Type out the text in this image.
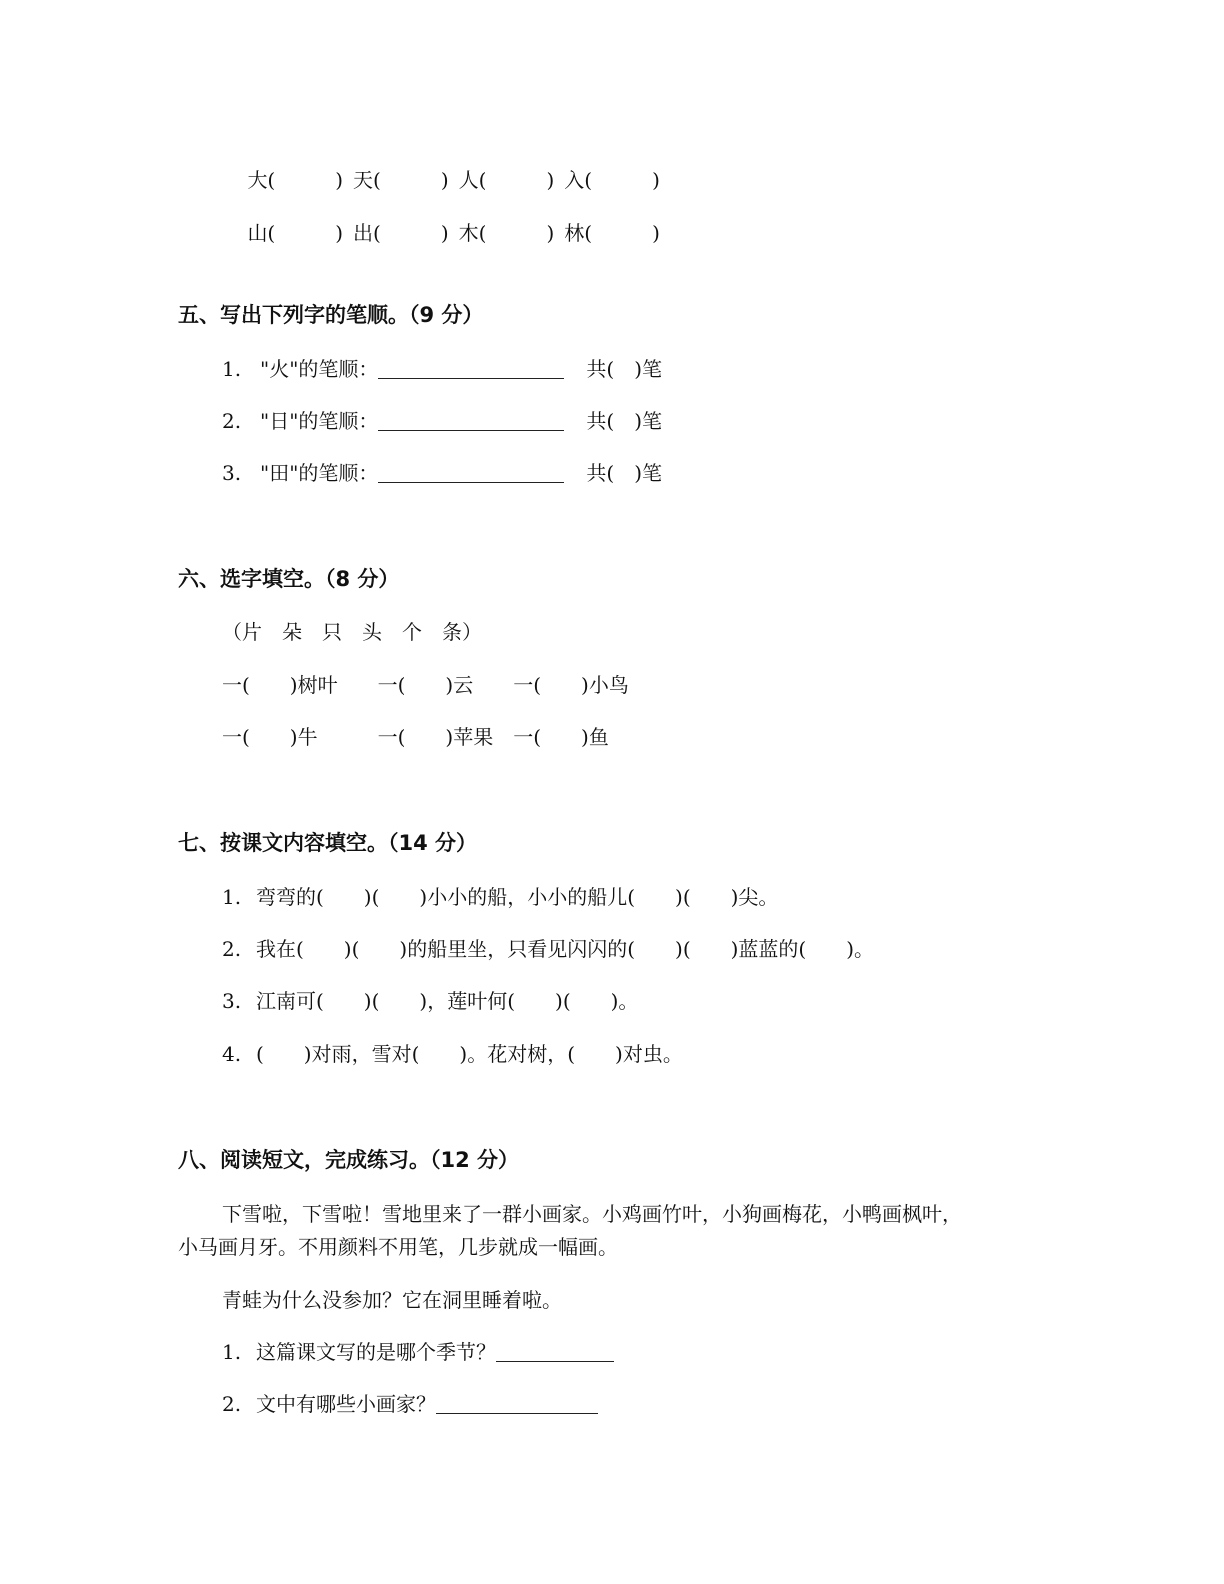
大(　　　) 天(　　　) 人(　　　) 入(　　　)

山(　　　) 出(　　　) 木(　　　) 林(　　　)

五、写出下列字的笔顺。（9 分）
1. "火"的笔顺：	共(　)笔
2. "日"的笔顺：	共(　)笔
3. "田"的笔顺：	共(　)笔
六、选字填空。（8 分）
（片　朵　只　头　个　条）
一(　　)树叶　　一(　　)云　　一(　　)小鸟
一(　　)牛　　　一(　　)苹果　一(　　)鱼
七、按课文内容填空。（14 分）
1. 弯弯的(　　)(　　)小小的船，小小的船儿(　　)(　　)尖。
2. 我在(　　)(　　)的船里坐，只看见闪闪的(　　)(　　)蓝蓝的(　　)。
3. 江南可(　　)(　　)，莲叶何(　　)(　　)。
4. (　　)对雨，雪对(　　)。花对树，(　　)对虫。
八、阅读短文，完成练习。（12 分）
下雪啦，下雪啦！雪地里来了一群小画家。小鸡画竹叶，小狗画梅花，小鸭画枫叶，
小马画月牙。不用颜料不用笔，几步就成一幅画。
青蛙为什么没参加？它在洞里睡着啦。
1. 这篇课文写的是哪个季节？
2. 文中有哪些小画家？
